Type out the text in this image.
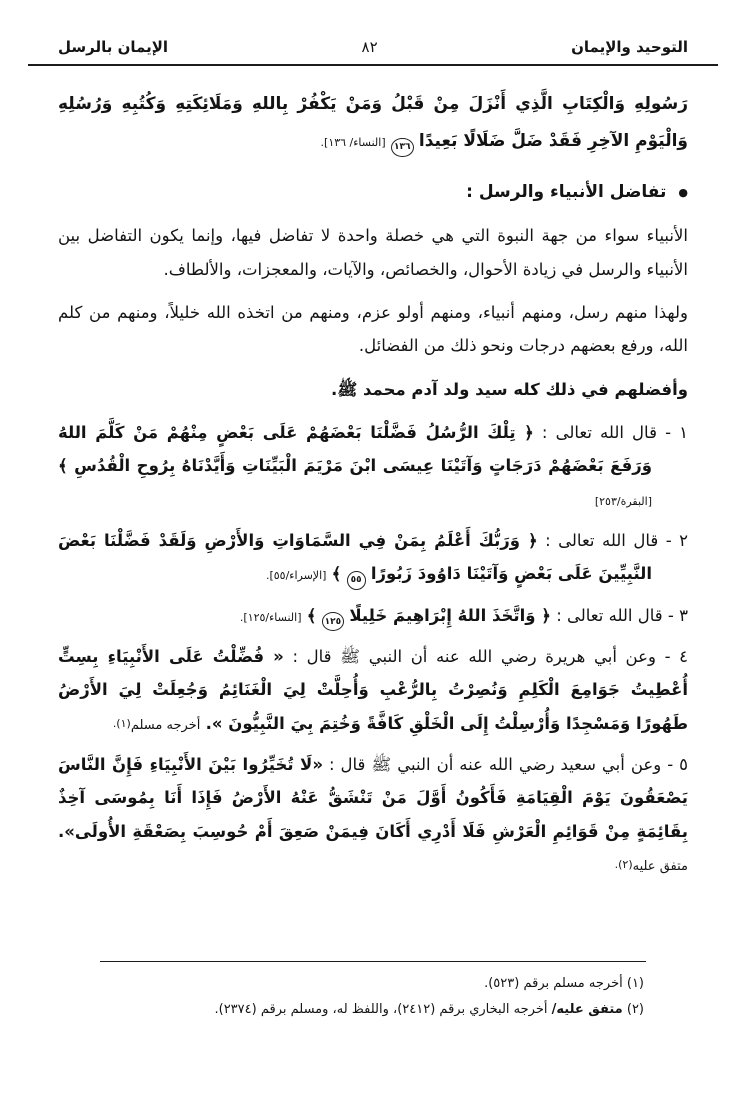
التوحيد والإيمان
٨٢
الإيمان بالرسل

رَسُولِهِ وَالْكِتَابِ الَّذِي أَنْزَلَ مِنْ قَبْلُ وَمَنْ يَكْفُرْ بِاللهِ وَمَلَائِكَتِهِ وَكُتُبِهِ وَرُسُلِهِ وَالْيَوْمِ الآخِرِ فَقَدْ ضَلَّ ضَلَالًا بَعِيدًا ١٣٦ [النساء/ ١٣٦].

●
تفاضل الأنبياء والرسل :

الأنبياء سواء من جهة النبوة التي هي خصلة واحدة لا تفاضل فيها، وإنما يكون التفاضل بين الأنبياء والرسل في زيادة الأحوال، والخصائص، والآيات، والمعجزات، والألطاف.

ولهذا منهم رسل، ومنهم أنبياء، ومنهم أولو عزم، ومنهم من اتخذه الله خليلاً، ومنهم من كلم الله، ورفع بعضهم درجات ونحو ذلك من الفضائل.

وأفضلهم في ذلك كله سيد ولد آدم محمد ﷺ.

١ - قال الله تعالى : ﴿ تِلْكَ الرُّسُلُ فَضَّلْنَا بَعْضَهُمْ عَلَى بَعْضٍ مِنْهُمْ مَنْ كَلَّمَ اللهُ وَرَفَعَ بَعْضَهُمْ دَرَجَاتٍ وَآتَيْنَا عِيسَى ابْنَ مَرْيَمَ الْبَيِّنَاتِ وَأَيَّدْنَاهُ بِرُوحِ الْقُدُسِ ﴾ [البقرة/٢٥٣]
٢ - قال الله تعالى : ﴿ وَرَبُّكَ أَعْلَمُ بِمَنْ فِي السَّمَاوَاتِ وَالأَرْضِ وَلَقَدْ فَضَّلْنَا بَعْضَ النَّبِيِّينَ عَلَى بَعْضٍ وَآتَيْنَا دَاوُودَ زَبُورًا ٥٥ ﴾ [الإسراء/٥٥].
٣ - قال الله تعالى : ﴿ وَاتَّخَذَ اللهُ إِبْرَاهِيمَ خَلِيلًا ١٢٥ ﴾ [النساء/١٢٥].
٤ - وعن أبي هريرة رضي الله عنه أن النبي ﷺ قال : « فُضِّلْتُ عَلَى الأَنْبِيَاءِ بِسِتٍّ أُعْطِيتُ جَوَامِعَ الْكَلِمِ وَنُصِرْتُ بِالرُّعْبِ وَأُحِلَّتْ لِيَ الْغَنَائِمُ وَجُعِلَتْ لِيَ الأَرْضُ طَهُورًا وَمَسْجِدًا وَأُرْسِلْتُ إِلَى الْخَلْقِ كَافَّةً وَخُتِمَ بِيَ النَّبِيُّونَ ». أخرجه مسلم(١).
٥ - وعن أبي سعيد رضي الله عنه أن النبي ﷺ قال : «لَا تُخَيِّرُوا بَيْنَ الأَنْبِيَاءِ فَإِنَّ النَّاسَ يَصْعَقُونَ يَوْمَ الْقِيَامَةِ فَأَكُونُ أَوَّلَ مَنْ تَنْشَقُّ عَنْهُ الأَرْضُ فَإِذَا أَنَا بِمُوسَى آخِذٌ بِقَائِمَةٍ مِنْ قَوَائِمِ الْعَرْشِ فَلَا أَدْرِي أَكَانَ فِيمَنْ صَعِقَ أَمْ حُوسِبَ بِصَعْقَةِ الأُولَى». متفق عليه(٢).

(١) أخرجه مسلم برقم (٥٢٣).

(٢) متفق عليه/ أخرجه البخاري برقم (٢٤١٢)، واللفظ له، ومسلم برقم (٢٣٧٤).
